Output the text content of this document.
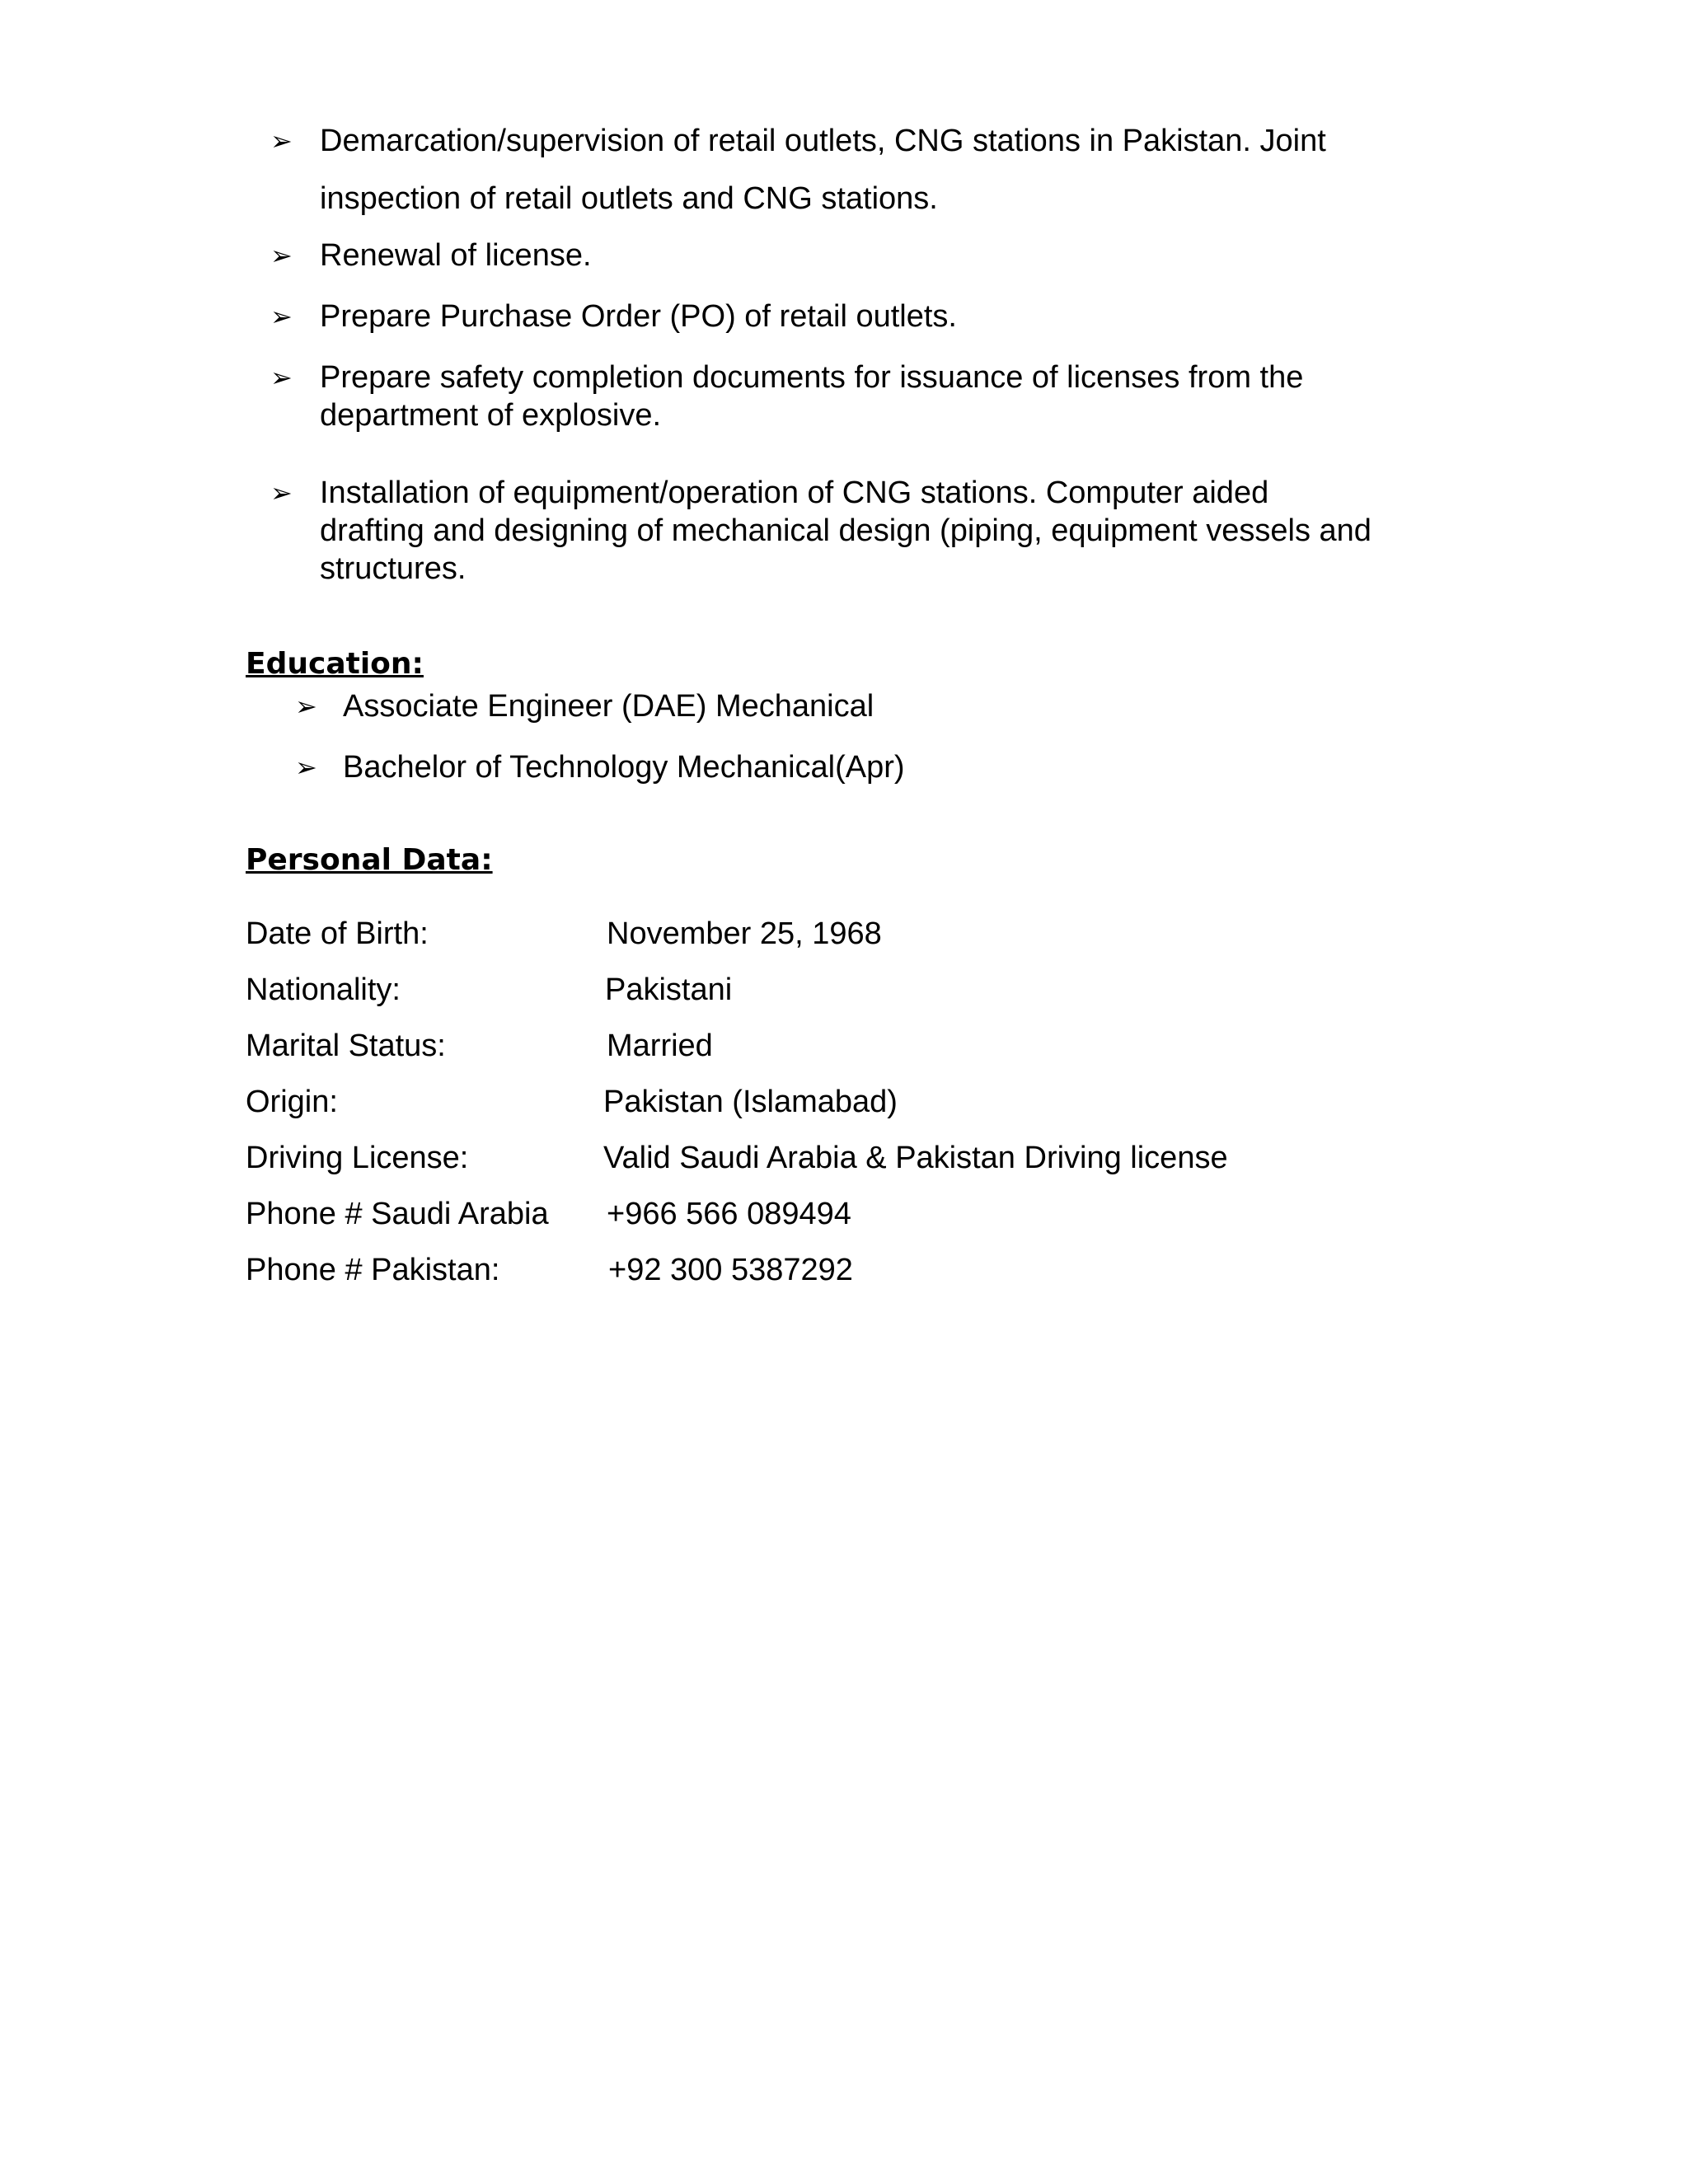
➢ Demarcation/supervision of retail outlets, CNG stations in Pakistan. Joint
inspection of retail outlets and CNG stations.
➢ Renewal of license.
➢ Prepare Purchase Order (PO) of retail outlets.
➢ Prepare safety completion documents for issuance of licenses from the
department of explosive.
➢ Installation of equipment/operation of CNG stations. Computer aided
drafting and designing of mechanical design (piping, equipment vessels and
structures.
Education:
➢ Associate Engineer (DAE) Mechanical
➢ Bachelor of Technology Mechanical(Apr)
Personal Data:
Date of Birth:	November 25, 1968
Nationality:	Pakistani
Marital Status:	Married
Origin:	Pakistan (Islamabad)
Driving License:	Valid Saudi Arabia & Pakistan Driving license
Phone # Saudi Arabia +966 566 089494
Phone # Pakistan:	+92 300 5387292
